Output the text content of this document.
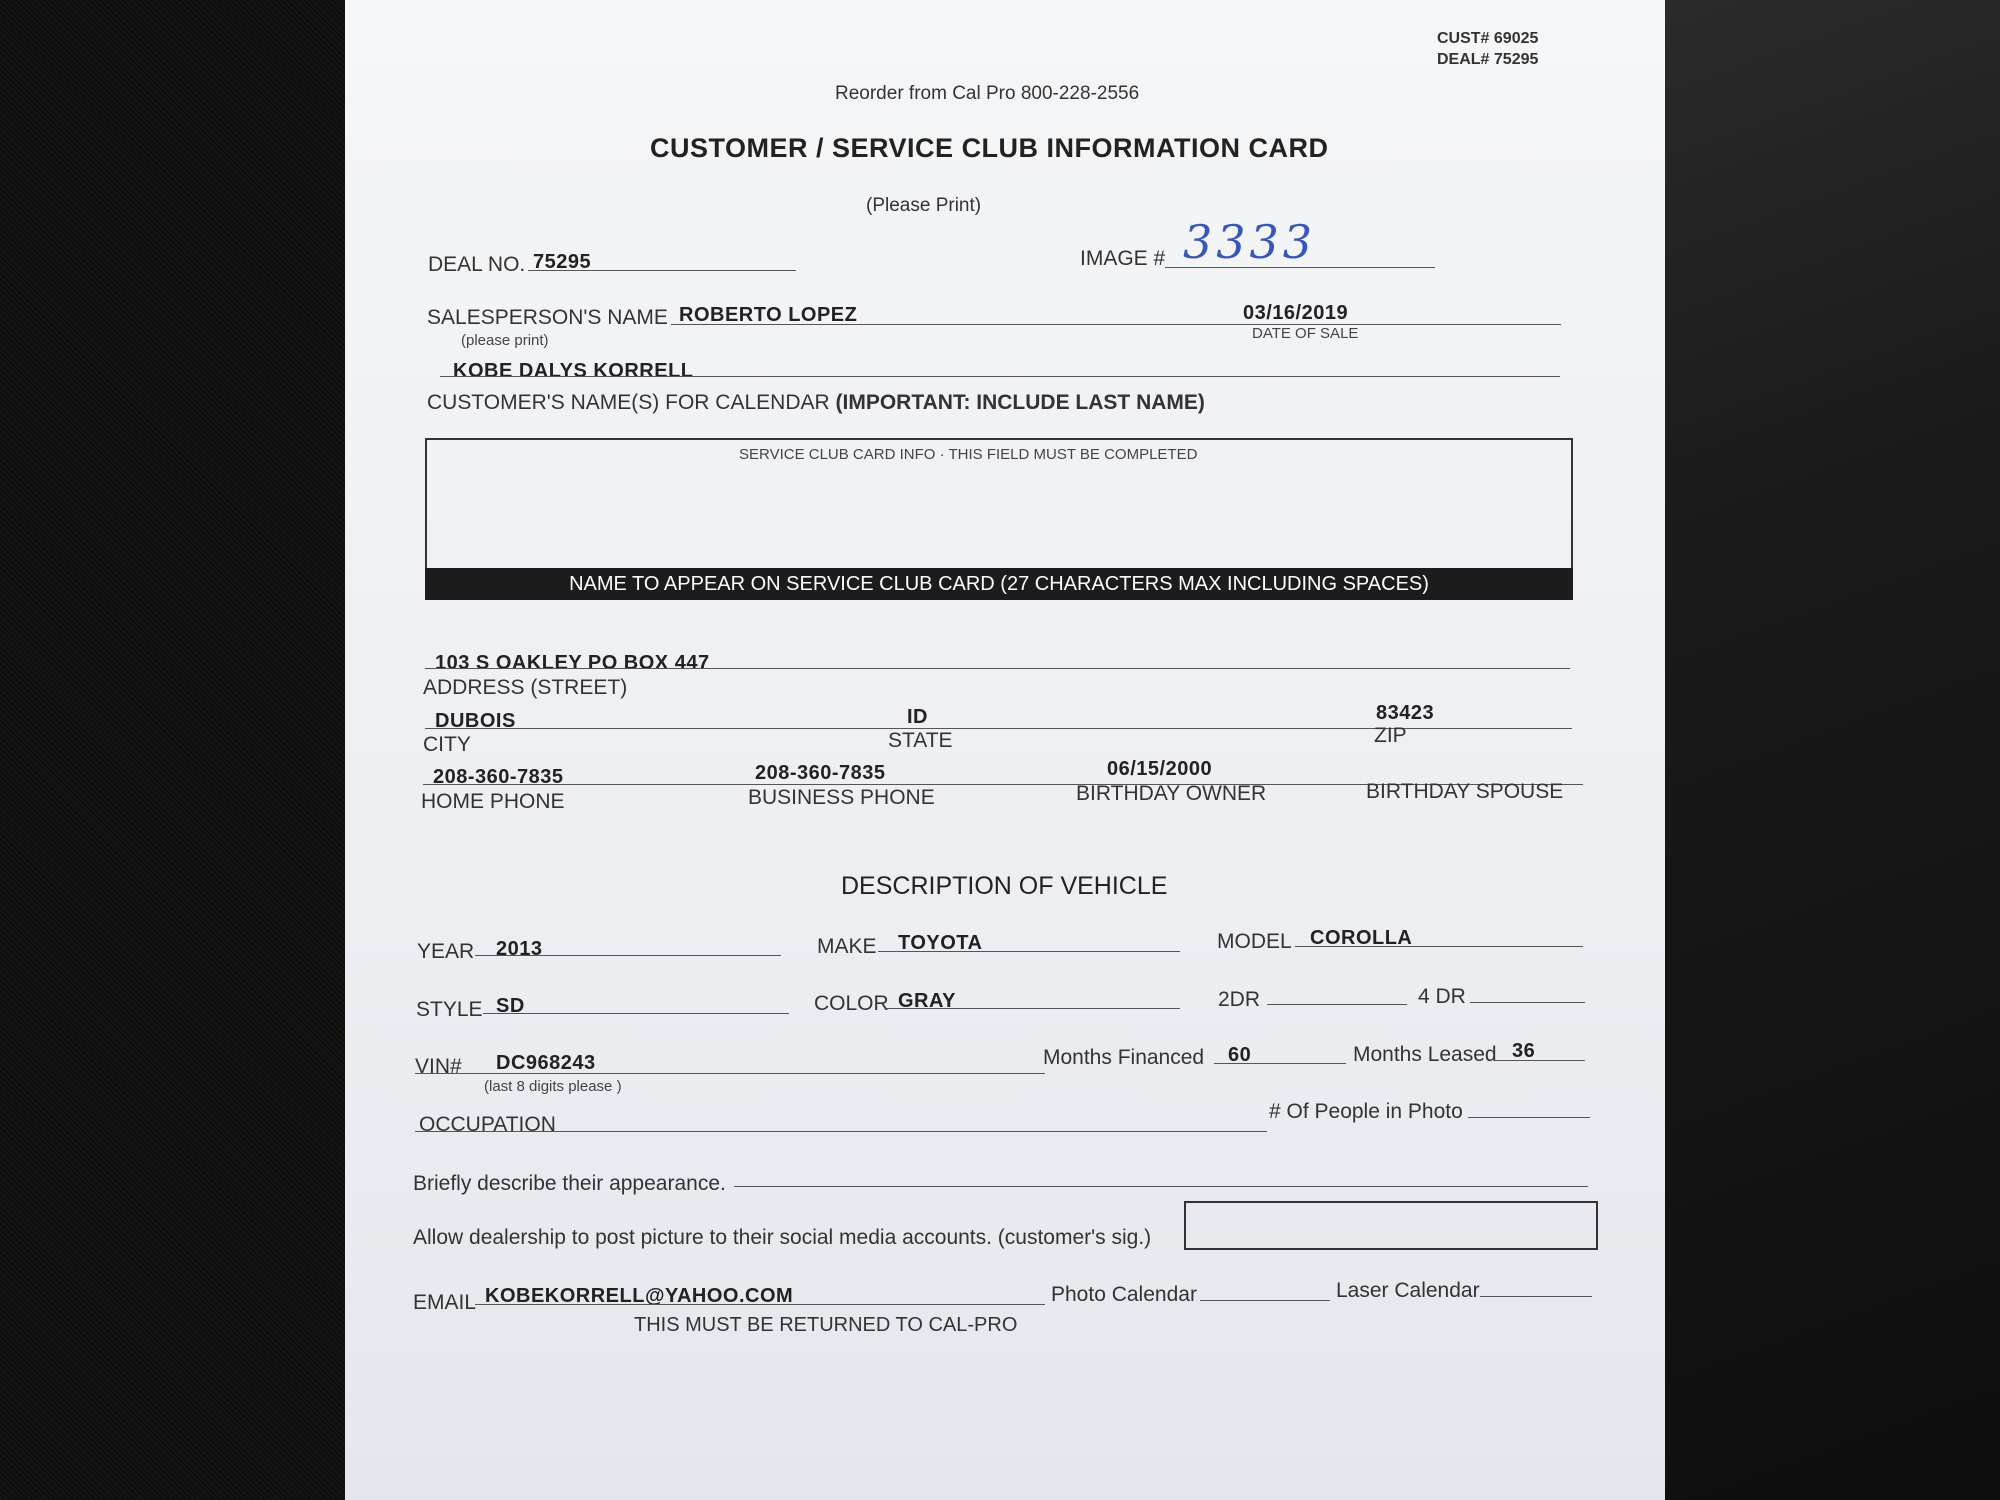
CUST# 69025
DEAL# 75295
Reorder from Cal Pro 800-228-2556
CUSTOMER / SERVICE CLUB INFORMATION CARD
(Please Print)
DEAL NO. 75295	IMAGE # 3333
SALESPERSON'S NAME
(please print)
ROBERTO LOPEZ	03/16/2019
DATE OF SALE
KOBE DALYS KORRELL
CUSTOMER'S NAME(S) FOR CALENDAR (IMPORTANT: INCLUDE LAST NAME)
SERVICE CLUB CARD INFO · THIS FIELD MUST BE COMPLETED
NAME TO APPEAR ON SERVICE CLUB CARD (27 CHARACTERS MAX INCLUDING SPACES)
103 S OAKLEY PO BOX 447
ADDRESS (STREET)
DUBOIS	ID	83423
CITY	STATE	ZIP
208-360-7835	208-360-7835	06/15/2000
HOME PHONE	BUSINESS PHONE	BIRTHDAY OWNER	BIRTHDAY SPOUSE
DESCRIPTION OF VEHICLE
YEAR 2013	MAKE TOYOTA	MODEL COROLLA
STYLE SD	COLOR GRAY	2DR	4 DR
VIN# DC968243
(last 8 digits please )
Months Financed 60	Months Leased 36
OCCUPATION
# Of People in Photo
Briefly describe their appearance.
Allow dealership to post picture to their social media accounts. (customer's sig.)
EMAIL KOBEKORRELL@YAHOO.COM	Photo Calendar	Laser Calendar
THIS MUST BE RETURNED TO CAL-PRO
